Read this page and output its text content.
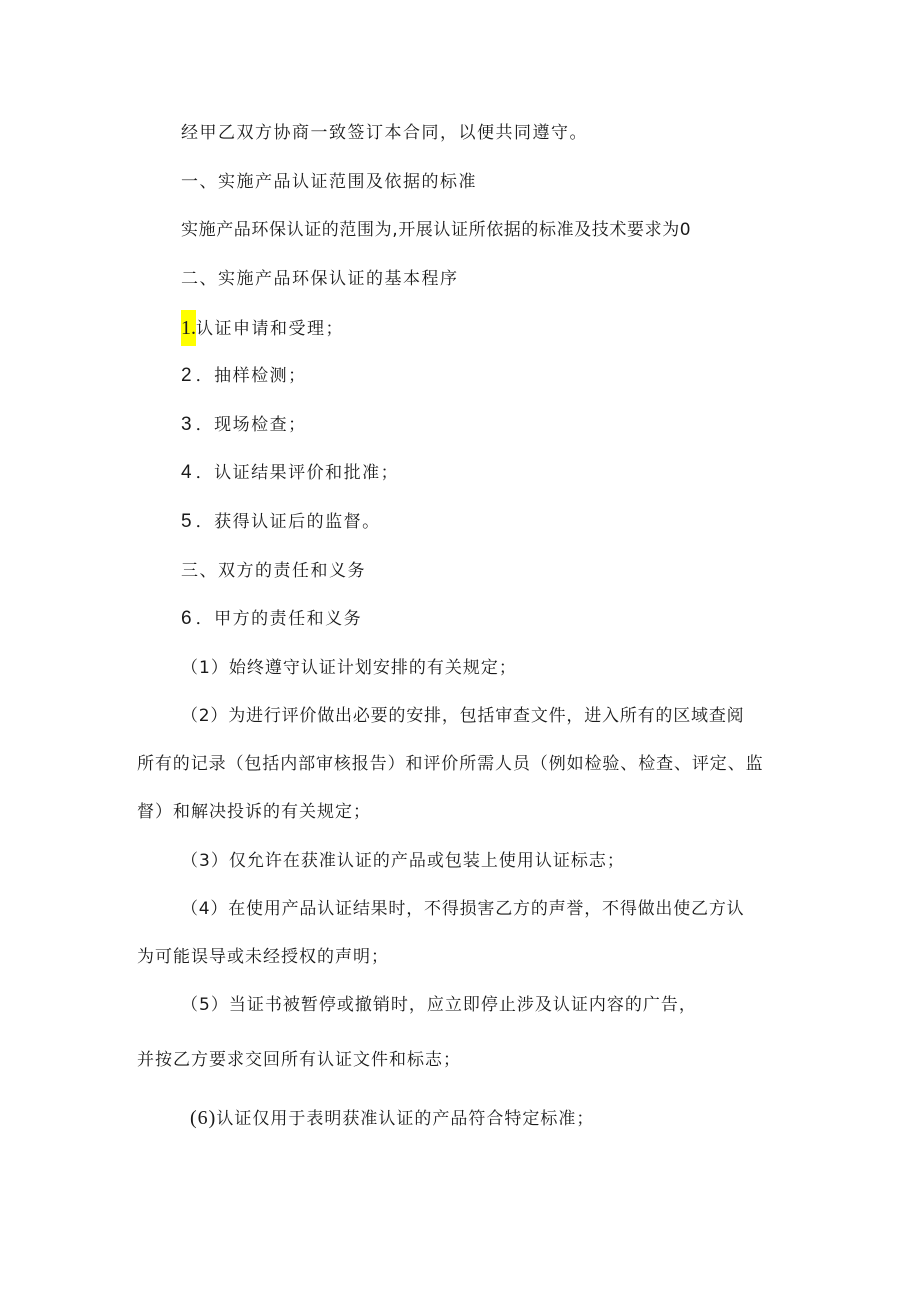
经甲乙双方协商一致签订本合同，以便共同遵守。
一、实施产品认证范围及依据的标准
实施产品环保认证的范围为,开展认证所依据的标准及技术要求为0
二、实施产品环保认证的基本程序
1.认证申请和受理；
2．抽样检测；
3．现场检查；
4．认证结果评价和批准；
5．获得认证后的监督。
三、双方的责任和义务
6．甲方的责任和义务
（1）始终遵守认证计划安排的有关规定；
（2）为进行评价做出必要的安排，包括审查文件，进入所有的区域查阅
所有的记录（包括内部审核报告）和评价所需人员（例如检验、检查、评定、监
督）和解决投诉的有关规定；
（3）仅允许在获准认证的产品或包装上使用认证标志；
（4）在使用产品认证结果时，不得损害乙方的声誉，不得做出使乙方认
为可能误导或未经授权的声明；
（5）当证书被暂停或撤销时，应立即停止涉及认证内容的广告，
并按乙方要求交回所有认证文件和标志；
(6)认证仅用于表明获准认证的产品符合特定标准；
